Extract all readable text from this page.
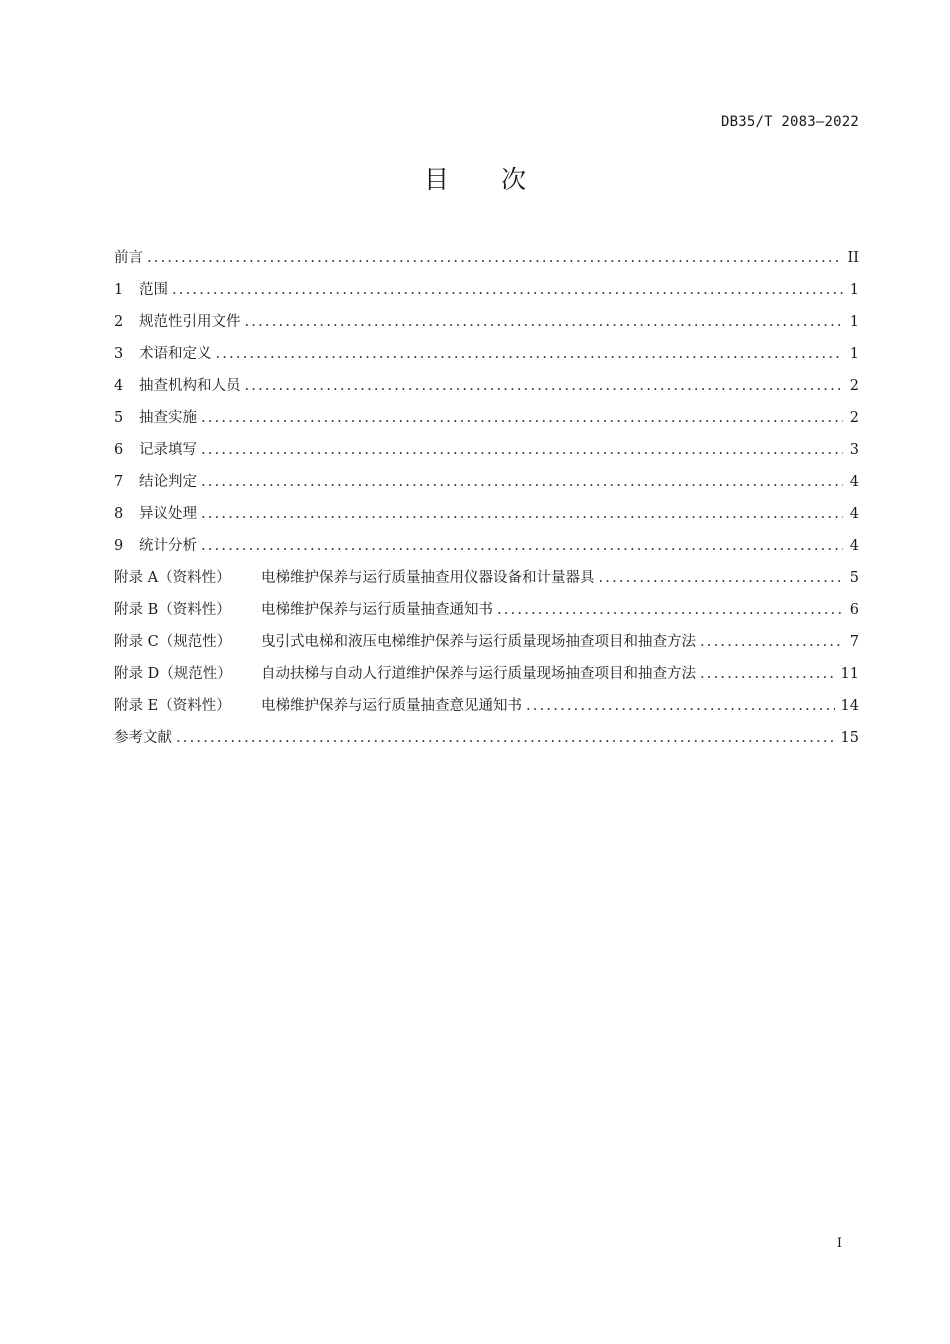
DB35/T 2083—2022
目 次
前言 .....	II
1	范围 .....	1
2	规范性引用文件 .....	1
3	术语和定义 .....	1
4	抽查机构和人员 .....	2
5	抽查实施 .....	2
6	记录填写 .....	3
7	结论判定 .....	4
8	异议处理 .....	4
9	统计分析 .....	4
附录 A（资料性）	电梯维护保养与运行质量抽查用仪器设备和计量器具 .....	5
附录 B（资料性）	电梯维护保养与运行质量抽查通知书 .....	6
附录 C（规范性）	曳引式电梯和液压电梯维护保养与运行质量现场抽查项目和抽查方法 .....	7
附录 D（规范性）	自动扶梯与自动人行道维护保养与运行质量现场抽查项目和抽查方法 .....	11
附录 E（资料性）	电梯维护保养与运行质量抽查意见通知书 .....	14
参考文献 .....	15
I
